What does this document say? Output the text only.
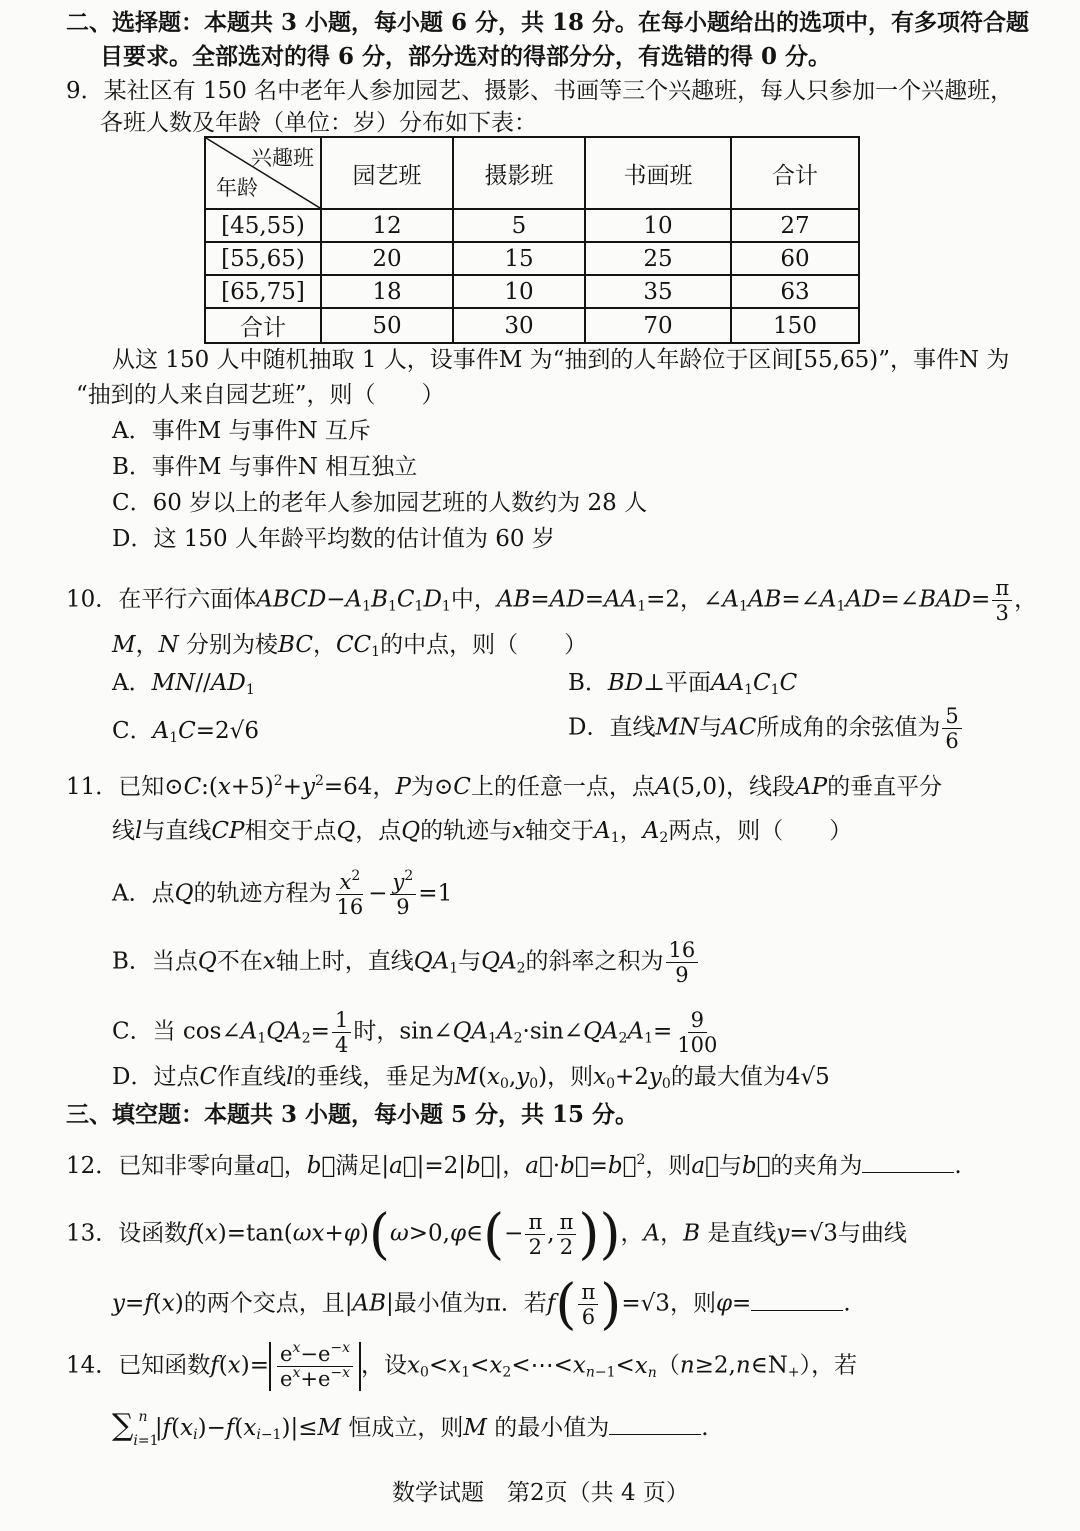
二、选择题：本题共 3 小题，每小题 6 分，共 18 分。在每小题给出的选项中，有多项符合题
目要求。全部选对的得 6 分，部分选对的得部分分，有选错的得 0 分。
9．某社区有 150 名中老年人参加园艺、摄影、书画等三个兴趣班，每人只参加一个兴趣班，
各班人数及年龄（单位：岁）分布如下表：
兴趣班
年龄	园艺班	摄影班	书画班	合计
[45,55)	12	5	10	27
[55,65)	20	15	25	60
[65,75]	18	10	35	63
合计	50	30	70	150
从这 150 人中随机抽取 1 人，设事件M 为“抽到的人年龄位于区间[55,65)”，事件N 为
“抽到的人来自园艺班”，则（　　）
A．事件M 与事件N 互斥
B．事件M 与事件N 相互独立
C．60 岁以上的老年人参加园艺班的人数约为 28 人
D．这 150 人年龄平均数的估计值为 60 岁
10．在平行六面体$ABCD-A_1B_1C_1D_1$中，$AB=AD=AA_1=2$，$\angle A_1AB=\angle A_1AD=\angle BAD= \frac{\pi}{3}$ ，
M，N 分别为棱BC，$CC_1$的中点，则（　　）
A．$MN//AD_1$	B．BD⊥平面$AA_1C_1C$
C．$A_1C=2√6$	D．直线MN与AC所成角的余弦值为 $\frac{5}{6}$
11．已知$⊙C:(x+5)^2+y^2=64$，P为⊙C上的任意一点，点A(5,0)，线段AP的垂直平分
线l与直线CP相交于点Q，点Q的轨迹与x轴交于$A_1$，$A_2$两点，则（　　）
A．点Q的轨迹方程为 $\frac{x^2}{16} - \frac{y^2}{9} =1$
B．当点Q不在x轴上时，直线$QA_1$与$QA_2$的斜率之积为 $\frac{16}{9}$
C．当 $\cos\angle A_1QA_2= \frac{1}{4}$ 时，$\sin\angle QA_1A_2\cdot\sin\angle QA_2A_1= \frac{9}{100}$
D．过点C作直线l的垂线，垂足为$M(x_0,y_0)$，则$x_0+2y_0$的最大值为4√5
三、填空题：本题共 3 小题，每小题 5 分，共 15 分。
12．已知非零向量a⃗，b⃗满足|a⃗|=2|b⃗|，a⃗·b⃗=b⃗$^2$，则a⃗与b⃗的夹角为	.
13．设函数f(x)=tan(ωx+φ)(ω>0,φ∈(− $\frac{\pi}{2}$ , $\frac{\pi}{2}$ ))，A，B 是直线y=√3与曲线
y=f(x)的两个交点，且|AB|最小值为π．若$f( \frac{\pi}{6} )=√3$，则φ=	.
14．已知函数$f(x)= \frac{e^x-e^{-x}}{e^x+e^{-x}}$ ，设$x_0<x_1<x_2<\cdots<x_{n-1}<x_n(n\ge 2,n\in N_+)$，若
$\sum_{i=1}^n$ $|f(x_i)-f(x_{i-1})|\le M$ 恒成立，则M 的最小值为	.
数学试题　第2页（共 4 页）
